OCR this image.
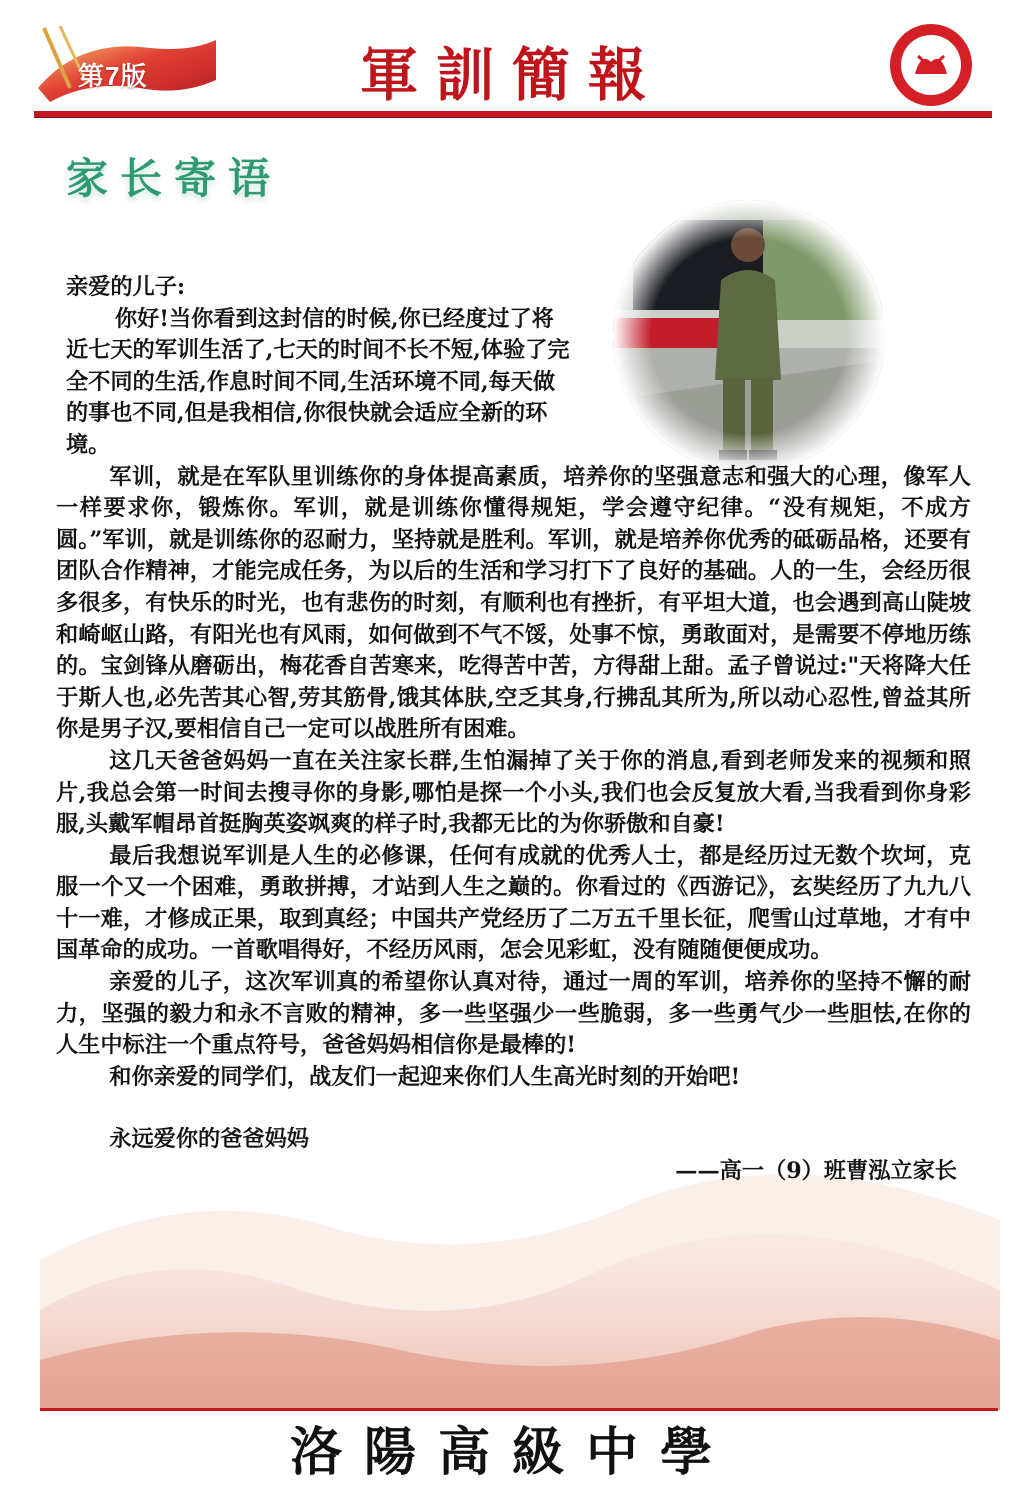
第7版	軍訓簡報
家长寄语

亲爱的儿子:

你好!当你看到这封信的时候,你已经度过了将近七天的军训生活了,七天的时间不长不短,体验了完全不同的生活,作息时间不同,生活环境不同,每天做的事也不同,但是我相信,你很快就会适应全新的环境。

军训，就是在军队里训练你的身体提高素质，培养你的坚强意志和强大的心理，像军人一样要求你，锻炼你。军训，就是训练你懂得规矩，学会遵守纪律。“没有规矩，不成方圆。”军训，就是训练你的忍耐力，坚持就是胜利。军训，就是培养你优秀的砥砺品格，还要有团队合作精神，才能完成任务，为以后的生活和学习打下了良好的基础。人的一生，会经历很多很多，有快乐的时光，也有悲伤的时刻，有顺利也有挫折，有平坦大道，也会遇到高山陡坡和崎岖山路，有阳光也有风雨，如何做到不气不馁，处事不惊，勇敢面对，是需要不停地历练的。宝剑锋从磨砺出，梅花香自苦寒来，吃得苦中苦，方得甜上甜。孟子曾说过:"天将降大任于斯人也,必先苦其心智,劳其筋骨,饿其体肤,空乏其身,行拂乱其所为,所以动心忍性,曾益其所你是男子汉,要相信自己一定可以战胜所有困难。

这几天爸爸妈妈一直在关注家长群,生怕漏掉了关于你的消息,看到老师发来的视频和照片,我总会第一时间去搜寻你的身影,哪怕是探一个小头,我们也会反复放大看,当我看到你身彩服,头戴军帽昂首挺胸英姿飒爽的样子时,我都无比的为你骄傲和自豪!

最后我想说军训是人生的必修课，任何有成就的优秀人士，都是经历过无数个坎坷，克服一个又一个困难，勇敢拼搏，才站到人生之巅的。你看过的《西游记》，玄奘经历了九九八十一难，才修成正果，取到真经；中国共产党经历了二万五千里长征，爬雪山过草地，才有中国革命的成功。一首歌唱得好，不经历风雨，怎会见彩虹，没有随随便便成功。

亲爱的儿子，这次军训真的希望你认真对待，通过一周的军训，培养你的坚持不懈的耐力，坚强的毅力和永不言败的精神，多一些坚强少一些脆弱，多一些勇气少一些胆怯,在你的人生中标注一个重点符号，爸爸妈妈相信你是最棒的!

和你亲爱的同学们，战友们一起迎来你们人生高光时刻的开始吧!

永远爱你的爸爸妈妈

——高一（9）班曹泓立家长

洛陽高級中學
